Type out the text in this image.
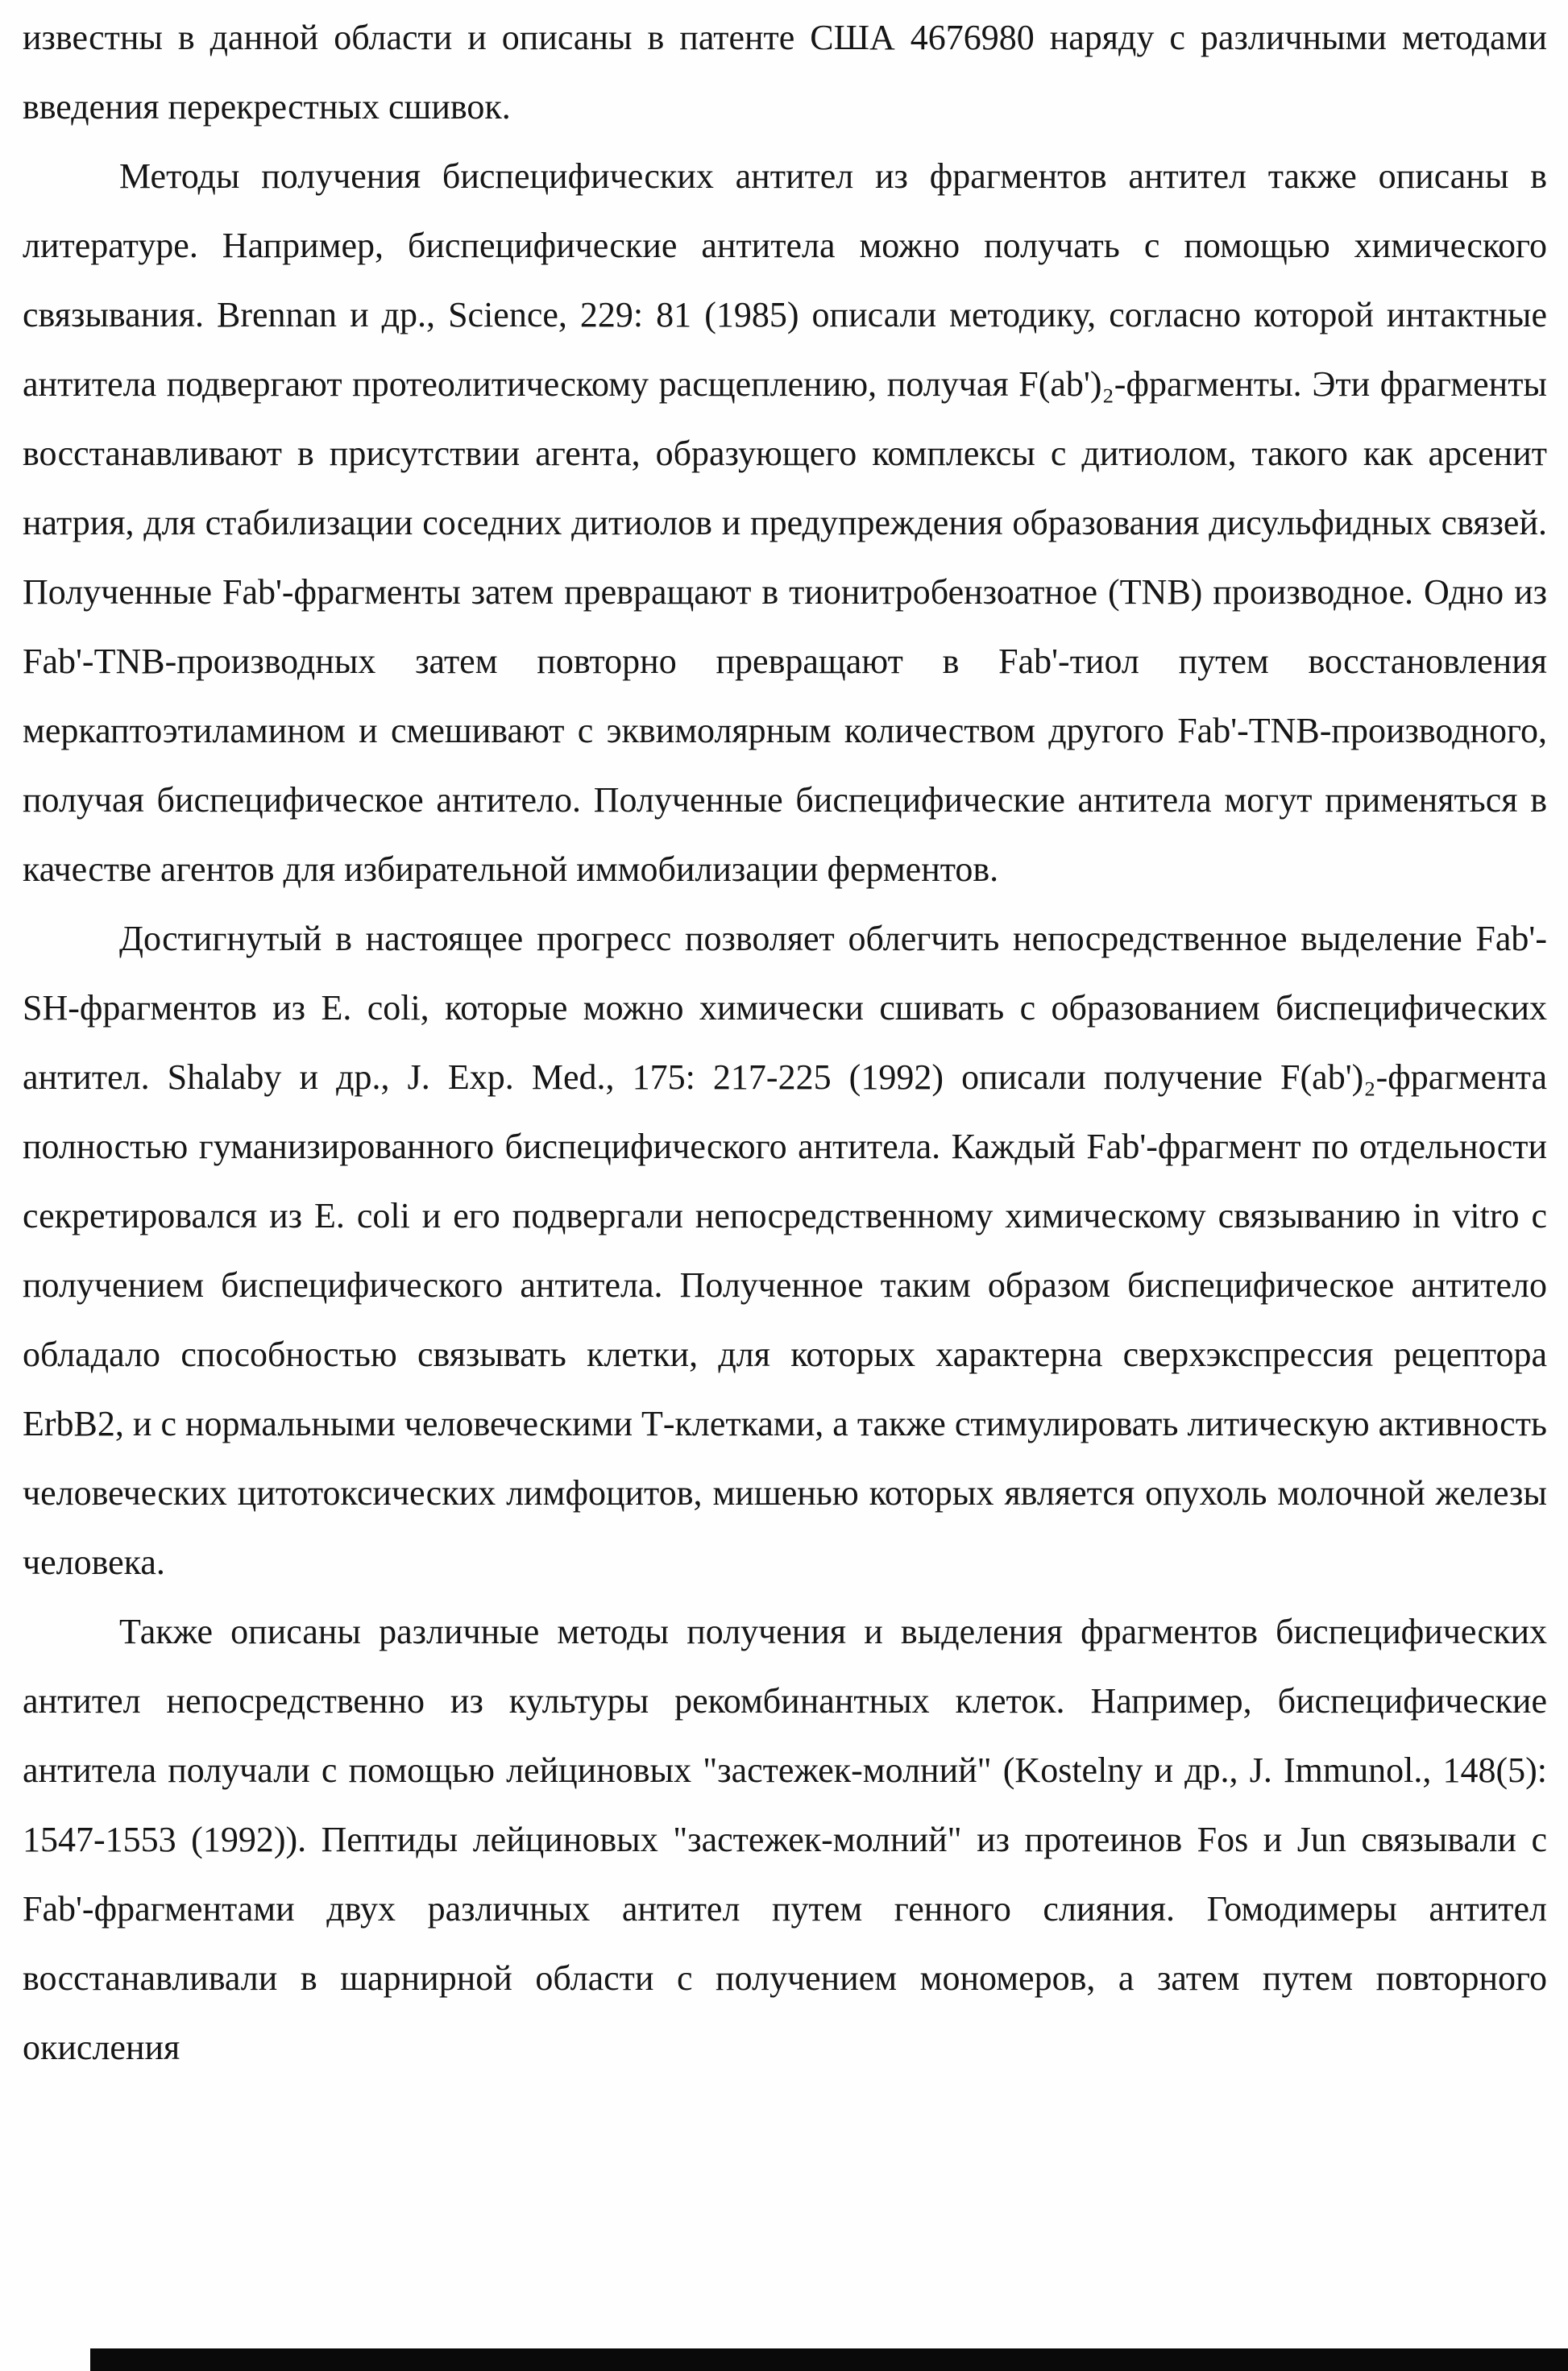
известны в данной области и описаны в патенте США 4676980 наряду с различными методами введения перекрестных сшивок.

Методы получения биспецифических антител из фрагментов антител также описаны в литературе. Например, биспецифические антитела можно получать с помощью химического связывания. Brennan и др., Science, 229: 81 (1985) описали методику, согласно которой интактные антитела подвергают протеолитическому расщеплению, получая F(ab')₂-фрагменты. Эти фрагменты восстанавливают в присутствии агента, образующего комплексы с дитиолом, такого как арсенит натрия, для стабилизации соседних дитиолов и предупреждения образования дисульфидных связей. Полученные Fab'-фрагменты затем превращают в тионитробензоатное (TNB) производное. Одно из Fab'-TNB-производных затем повторно превращают в Fab'-тиол путем восстановления меркаптоэтиламином и смешивают с эквимолярным количеством другого Fab'-TNB-производного, получая биспецифическое антитело. Полученные биспецифические антитела могут применяться в качестве агентов для избирательной иммобилизации ферментов.

Достигнутый в настоящее прогресс позволяет облегчить непосредственное выделение Fab'-SH-фрагментов из E. coli, которые можно химически сшивать с образованием биспецифических антител. Shalaby и др., J. Exp. Med., 175: 217-225 (1992) описали получение F(ab')₂-фрагмента полностью гуманизированного биспецифического антитела. Каждый Fab'-фрагмент по отдельности секретировался из E. coli и его подвергали непосредственному химическому связыванию in vitro с получением биспецифического антитела. Полученное таким образом биспецифическое антитело обладало способностью связывать клетки, для которых характерна сверхэкспрессия рецептора ErbB2, и с нормальными человеческими Т-клетками, а также стимулировать литическую активность человеческих цитотоксических лимфоцитов, мишенью которых является опухоль молочной железы человека.

Также описаны различные методы получения и выделения фрагментов биспецифических антител непосредственно из культуры рекомбинантных клеток. Например, биспецифические антитела получали с помощью лейциновых "застежек-молний" (Kostelny и др., J. Immunol., 148(5): 1547-1553 (1992)). Пептиды лейциновых "застежек-молний" из протеинов Fos и Jun связывали с Fab'-фрагментами двух различных антител путем генного слияния. Гомодимеры антител восстанавливали в шарнирной области с получением мономеров, а затем путем повторного окисления
